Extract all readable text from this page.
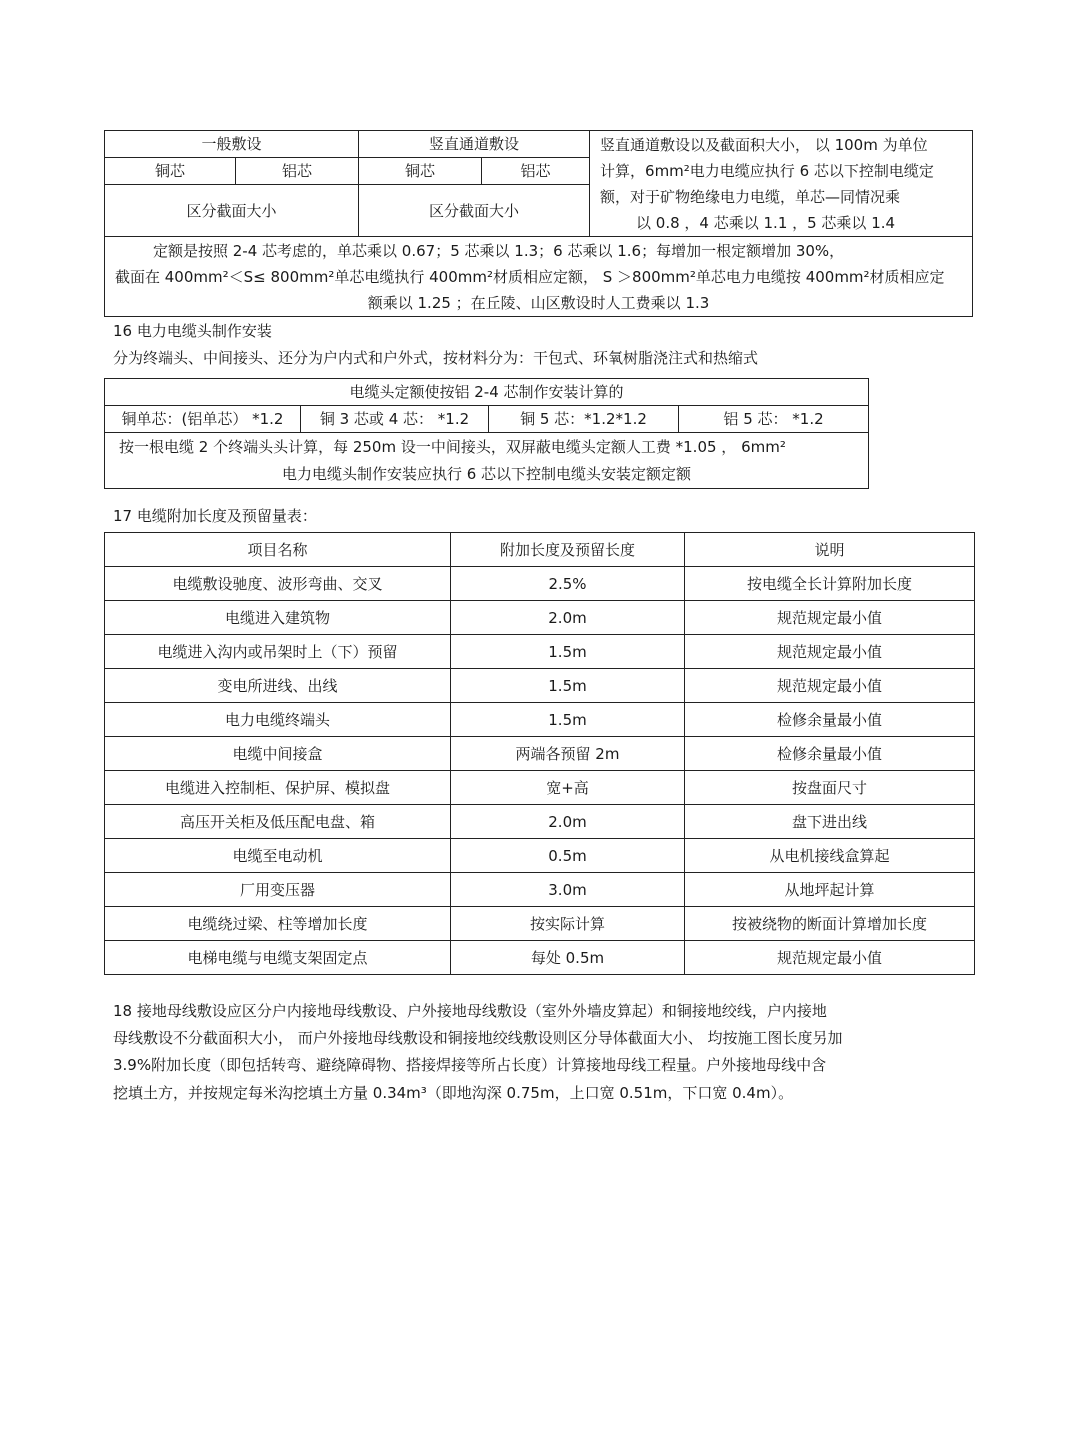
一般敷设		竖直通道敷设		竖直通道敷设以及截面积大小， 以 100m 为单位
计算，6mm²电力电缆应执行 6 芯以下控制电缆定
额，对于矿物绝缘电力电缆，单芯—同情况乘
以 0.8 ，4 芯乘以 1.1 ，5 芯乘以 1.4

铜芯	铝芯	铜芯	铝芯	
区分截面大小		区分截面大小		

定额是按照 2-4 芯考虑的，单芯乘以 0.67；5 芯乘以 1.3；6 芯乘以 1.6；每增加一根定额增加 30%，
截面在 400mm²＜S≤ 800mm²单芯电缆执行 400mm²材质相应定额， S ＞800mm²单芯电力电缆按 400mm²材质相应定
额乘以 1.25 ；在丘陵、山区敷设时人工费乘以 1.3				
16 电力电缆头制作安装
分为终端头、中间接头、还分为户内式和户外式，按材料分为：干包式、环氧树脂浇注式和热缩式
电缆头定额使按铝 2-4 芯制作安装计算的
铜单芯：(铝单芯） *1.2	铜 3 芯或 4 芯： *1.2	铜 5 芯：*1.2*1.2	铝 5 芯： *1.2

按一根电缆 2 个终端头头计算，每 250m 设一中间接头，双屏蔽电缆头定额人工费 *1.05 ， 6mm²
电力电缆头制作安装应执行 6 芯以下控制电缆头安装定额定额
17 电缆附加长度及预留量表：
项目名称	附加长度及预留长度	说明
电缆敷设驰度、波形弯曲、交叉	2.5%	按电缆全长计算附加长度
电缆进入建筑物	2.0m	规范规定最小值
电缆进入沟内或吊架时上（下）预留	1.5m	规范规定最小值
变电所进线、出线	1.5m	规范规定最小值
电力电缆终端头	1.5m	检修余量最小值
电缆中间接盒	两端各预留 2m	检修余量最小值
电缆进入控制柜、保护屏、模拟盘	宽+高	按盘面尺寸
高压开关柜及低压配电盘、箱	2.0m	盘下进出线
电缆至电动机	0.5m	从电机接线盒算起
厂用变压器	3.0m	从地坪起计算
电缆绕过梁、柱等增加长度	按实际计算	按被绕物的断面计算增加长度
电梯电缆与电缆支架固定点	每处 0.5m	规范规定最小值
18 接地母线敷设应区分户内接地母线敷设、户外接地母线敷设（室外外墙皮算起）和铜接地绞线，户内接地
母线敷设不分截面积大小， 而户外接地母线敷设和铜接地绞线敷设则区分导体截面大小、 均按施工图长度另加
3.9%附加长度（即包括转弯、避绕障碍物、搭接焊接等所占长度）计算接地母线工程量。户外接地母线中含
挖填土方，并按规定每米沟挖填土方量 0.34m³（即地沟深 0.75m，上口宽 0.51m，下口宽 0.4m）。
